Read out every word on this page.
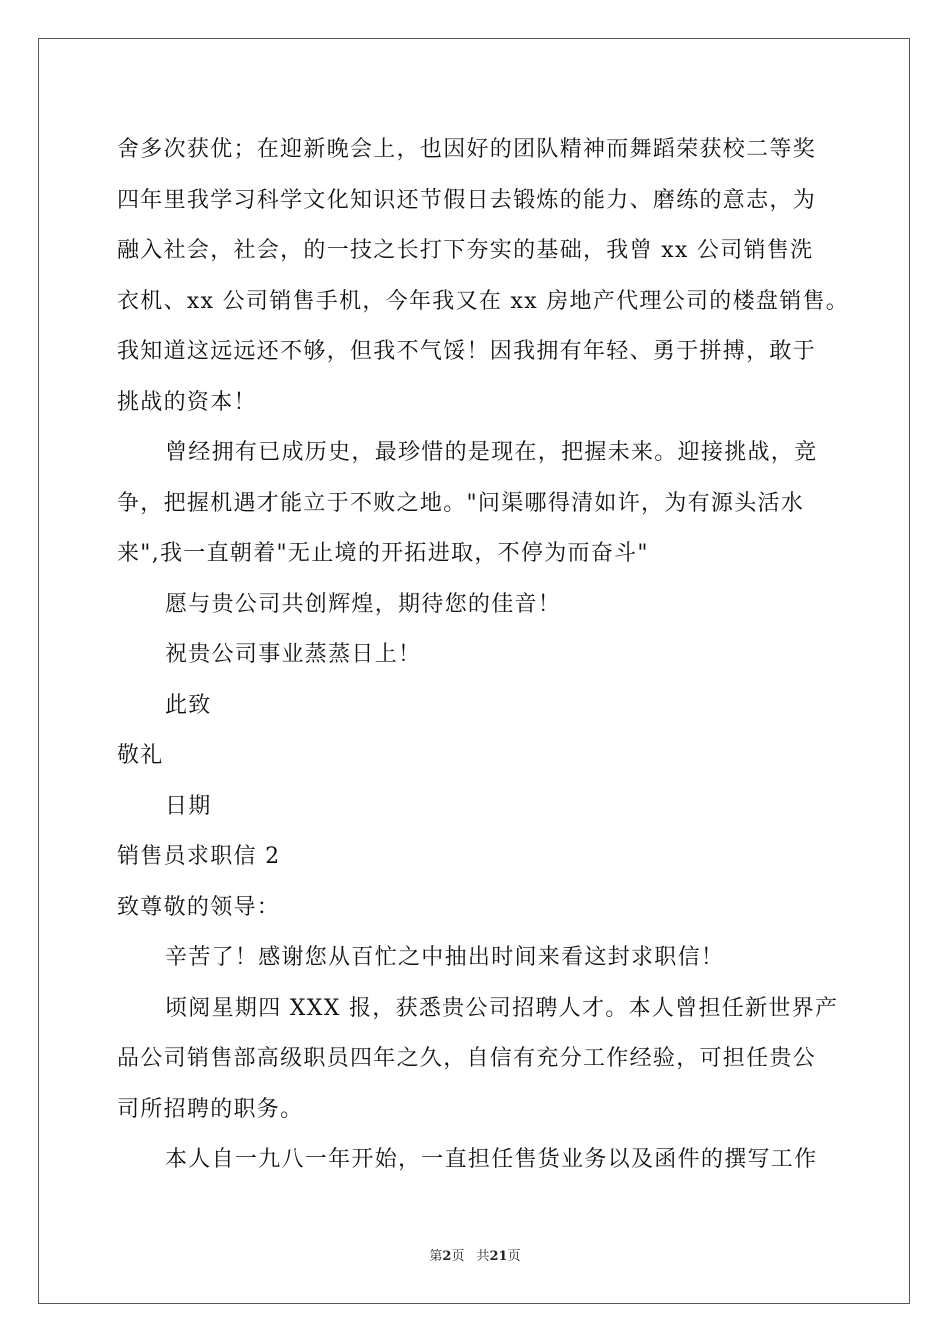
舍多次获优；在迎新晚会上，也因好的团队精神而舞蹈荣获校二等奖
四年里我学习科学文化知识还节假日去锻炼的能力、磨练的意志，为
融入社会，社会，的一技之长打下夯实的基础，我曾 xx 公司销售洗
衣机、xx 公司销售手机，今年我又在 xx 房地产代理公司的楼盘销售。
我知道这远远还不够，但我不气馁！因我拥有年轻、勇于拼搏，敢于
挑战的资本！
曾经拥有已成历史，最珍惜的是现在，把握未来。迎接挑战，竞
争，把握机遇才能立于不败之地。"问渠哪得清如许，为有源头活水
来",我一直朝着"无止境的开拓进取，不停为而奋斗"
愿与贵公司共创辉煌，期待您的佳音！
祝贵公司事业蒸蒸日上！
此致
敬礼
日期
销售员求职信 2
致尊敬的领导：
辛苦了！感谢您从百忙之中抽出时间来看这封求职信！
顷阅星期四 XXX 报，获悉贵公司招聘人才。本人曾担任新世界产
品公司销售部高级职员四年之久，自信有充分工作经验，可担任贵公
司所招聘的职务。
本人自一九八一年开始，一直担任售货业务以及函件的撰写工作
第2页 共21页
